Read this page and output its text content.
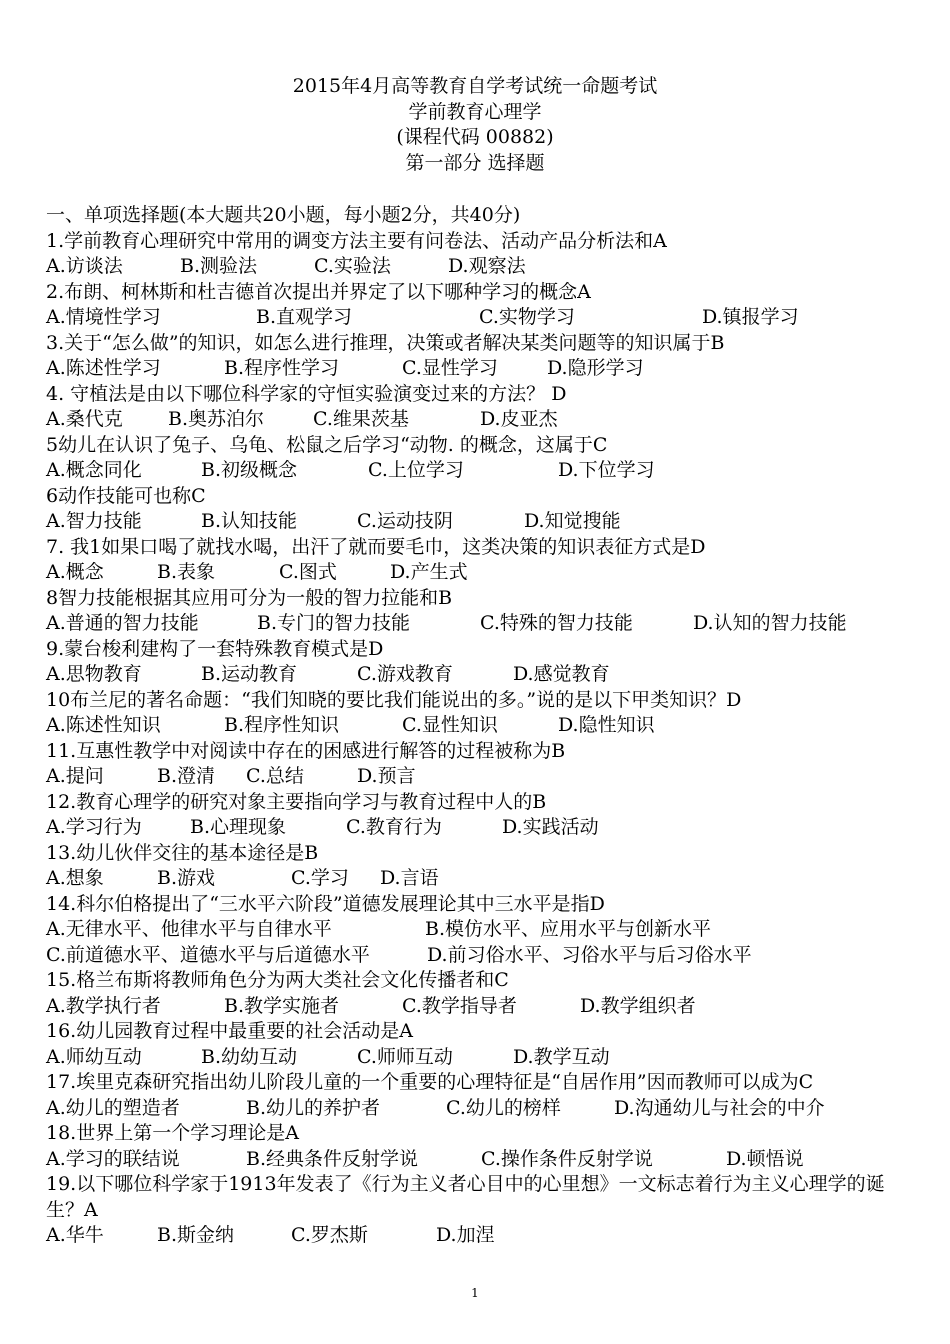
2015年4月高等教育自学考试统一命题考试
学前教育心理学
(课程代码 00882)
第一部分 选择题
一、单项选择题(本大题共20小题，每小题2分，共40分)
1.学前教育心理研究中常用的调变方法主要有问卷法、活动产品分析法和A
A.访谈法	B.测验法	C.实验法	D.观察法
2.布朗、柯林斯和杜吉德首次提出并界定了以下哪种学习的概念A
A.情境性学习	B.直观学习	C.实物学习	D.镇报学习
3.关于“怎么做”的知识，如怎么进行推理，决策或者解决某类问题等的知识属于B
A.陈述性学习	B.程序性学习	C.显性学习	D.隐形学习
4. 守植法是由以下哪位科学家的守恒实验演变过来的方法？ D
A.桑代克 B.奥苏泊尔	C.维果茨基	D.皮亚杰
5幼儿在认识了兔子、乌龟、松鼠之后学习“动物. 的概念，这属于C
A.概念同化	B.初级概念	C.上位学习	D.下位学习
6动作技能可也称C
A.智力技能	B.认知技能	C.运动技阴	D.知觉搜能
7. 我1如果口喝了就找水喝，出汗了就而要毛巾，这类决策的知识表征方式是D
A.概念	B.表象	C.图式	D.产生式
8智力技能根据其应用可分为一般的智力拉能和B
A.普通的智力技能	B.专门的智力技能	C.特殊的智力技能	D.认知的智力技能
9.蒙台梭利建构了一套特殊教育模式是D
A.思物教育	B.运动教育	C.游戏教育	D.感觉教育
10布兰尼的著名命题：“我们知晓的要比我们能说出的多。”说的是以下甲类知识？D
A.陈述性知识	B.程序性知识	C.显性知识	D.隐性知识
11.互惠性教学中对阅读中存在的困感进行解答的过程被称为B
A.提问	B.澄清 C.总结	D.预言
12.教育心理学的研究对象主要指向学习与教育过程中人的B
A.学习行为	B.心理现象	C.教育行为	D.实践活动
13.幼儿伙伴交往的基本途径是B
A.想象	B.游戏	C.学习 D.言语
14.科尔伯格提出了“三水平六阶段”道德发展理论其中三水平是指D
A.无律水平、他律水平与自律水平	B.模仿水平、应用水平与创新水平
C.前道德水平、道德水平与后道德水平	D.前习俗水平、习俗水平与后习俗水平
15.格兰布斯将教师角色分为两大类社会文化传播者和C
A.教学执行者	B.教学实施者	C.教学指导者	D.教学组织者
16.幼儿园教育过程中最重要的社会活动是A
A.师幼互动	B.幼幼互动	C.师师互动	D.教学互动
17.埃里克森研究指出幼儿阶段儿童的一个重要的心理特征是“自居作用”因而教师可以成为C
A.幼儿的塑造者	B.幼儿的养护者	C.幼儿的榜样	D.沟通幼儿与社会的中介
18.世界上第一个学习理论是A
A.学习的联结说	B.经典条件反射学说	C.操作条件反射学说	D.顿悟说
19.以下哪位科学家于1913年发表了《行为主义者心目中的心里想》一文标志着行为主义心理学的诞生？A
A.华牛	B.斯金纳	C.罗杰斯	D.加涅
1
